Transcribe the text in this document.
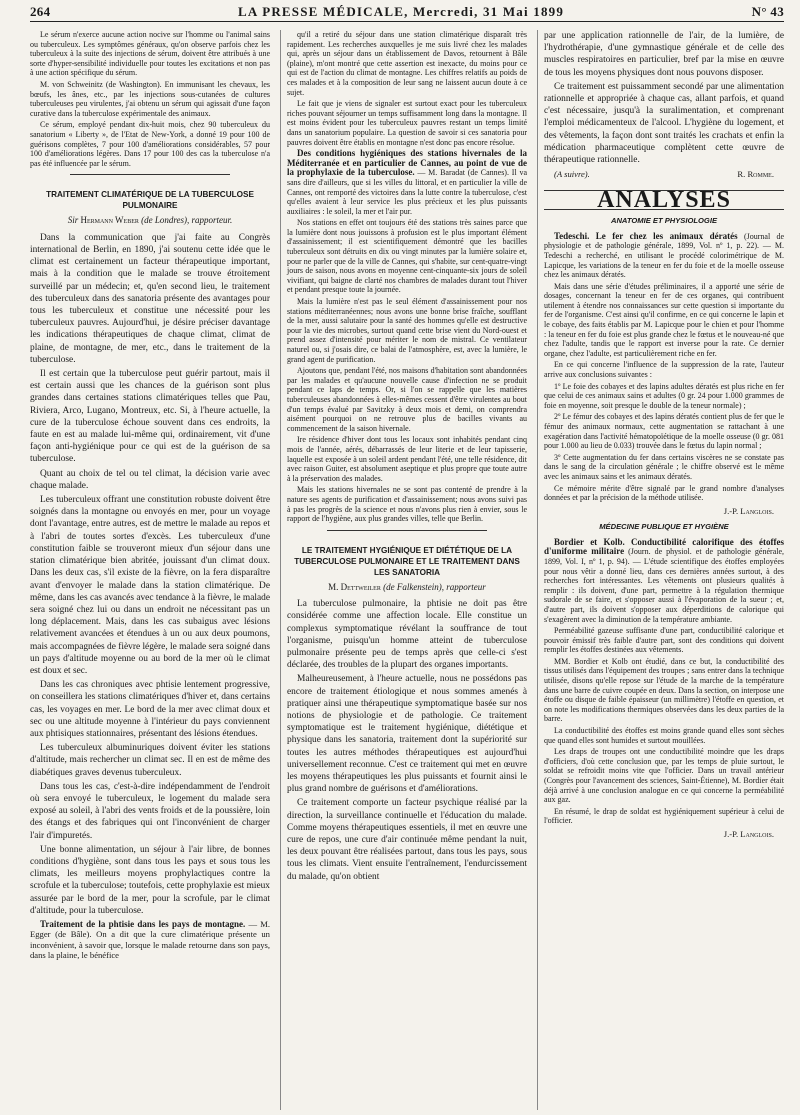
264	LA PRESSE MÉDICALE, Mercredi, 31 Mai 1899	N° 43

Le sérum n'exerce aucune action nocive sur l'homme ou l'animal sains ou tuberculeux. Les symptômes généraux, qu'on observe parfois chez les tuberculeux à la suite des injections de sérum, doivent être attribués à une sorte d'hyper-sensibilité individuelle pour toutes les excitations et non pas à une action spécifique du sérum.

M. von Schweinitz (de Washington). En immunisant les chevaux, les bœufs, les ânes, etc., par les injections sous-cutanées de cultures tuberculeuses peu virulentes, j'ai obtenu un sérum qui agissait d'une façon curative dans la tuberculose expérimentale des animaux.

Ce sérum, employé pendant dix-huit mois, chez 90 tuberculeux du sanatorium « Liberty », de l'Etat de New-York, a donné 19 pour 100 de guérisons complètes, 7 pour 100 d'améliorations considérables, 57 pour 100 d'améliorations légères. Dans 17 pour 100 des cas la tuberculose n'a pas été influencée par le sérum.

TRAITEMENT CLIMATÉRIQUE DE LA TUBERCULOSE PULMONAIRE
Sir Hermann Weber (de Londres), rapporteur.

Dans la communication que j'ai faite au Congrès international de Berlin, en 1890, j'ai soutenu cette idée que le climat est certainement un facteur thérapeutique important, mais à la condition que le malade se trouve étroitement surveillé par un médecin; et, qu'en second lieu, le traitement des tuberculeux dans des sanatoria présente des avantages pour tous les tuberculeux et constitue une nécessité pour les tuberculeux pauvres. Aujourd'hui, je désire préciser davantage les indications thérapeutiques de chaque climat, climat de plaine, de montagne, de mer, etc., dans le traitement de la tuberculose.

Il est certain que la tuberculose peut guérir partout, mais il est certain aussi que les chances de la guérison sont plus grandes dans certaines stations climatériques telles que Pau, Riviera, Arco, Lugano, Montreux, etc. Si, à l'heure actuelle, la cure de la tuberculose échoue souvent dans ces endroits, la faute en est au malade lui-même qui, ordinairement, vit d'une façon anti-hygiénique pour ce qui est de la guérison de sa tuberculose.

Quant au choix de tel ou tel climat, la décision varie avec chaque malade.

Les tuberculeux offrant une constitution robuste doivent être soignés dans la montagne ou envoyés en mer, pour un voyage dont l'avantage, entre autres, est de mettre le malade au repos et à l'abri de toutes sortes d'excès. Les tuberculeux d'une constitution faible se trouveront mieux d'un séjour dans une station climatérique bien abritée, jouissant d'un climat doux. Dans les deux cas, s'il existe de la fièvre, on la fera disparaître avant d'envoyer le malade dans la station climatérique. De même, dans les cas avancés avec tendance à la fièvre, le malade sera soigné chez lui ou dans un endroit ne nécessitant pas un long déplacement. Mais, dans les cas subaigus avec lésions relativement avancées et étendues à un ou aux deux poumons, mais accompagnées de fièvre légère, le malade sera soigné dans un pays d'altitude moyenne ou au bord de la mer où le climat est doux et sec.

Dans les cas chroniques avec phtisie lentement progressive, on conseillera les stations climatériques d'hiver et, dans certains cas, les voyages en mer. Le bord de la mer avec climat doux et sec ou une altitude moyenne à l'intérieur du pays conviennent aux phtisiques stationnaires, présentant des lésions étendues.

Les tuberculeux albuminuriques doivent éviter les stations d'altitude, mais rechercher un climat sec. Il en est de même des diabétiques graves devenus tuberculeux.

Dans tous les cas, c'est-à-dire indépendamment de l'endroit où sera envoyé le tuberculeux, le logement du malade sera exposé au soleil, à l'abri des vents froids et de la poussière, loin des étangs et des fabriques qui ont l'inconvénient de charger l'air d'impuretés.

Une bonne alimentation, un séjour à l'air libre, de bonnes conditions d'hygiène, sont dans tous les pays et sous tous les climats, les meilleurs moyens prophylactiques contre la scrofule et la tuberculose; toutefois, cette prophylaxie est mieux assurée par le bord de la mer, pour la scrofule, par le climat d'altitude, pour la tuberculose.

Traitement de la phtisie dans les pays de montagne. — M. Egger (de Bâle). On a dit que la cure climatérique présente un inconvénient, à savoir que, lorsque le malade retourne dans son pays, dans la plaine, le bénéfice

qu'il a retiré du séjour dans une station climatérique disparaît très rapidement. Les recherches auxquelles je me suis livré chez les malades qui, après un séjour dans un établissement de Davos, retournent à Bâle (plaine), m'ont montré que cette assertion est inexacte, du moins pour ce qui est de l'action du climat de montagne. Les chiffres relatifs au poids de ces malades et à la composition de leur sang ne laissent aucun doute à ce sujet.

Le fait que je viens de signaler est surtout exact pour les tuberculeux riches pouvant séjourner un temps suffisamment long dans la montagne. Il est moins évident pour les tuberculeux pauvres restant un temps limité dans un sanatorium populaire. La question de savoir si ces sanatoria pour pauvres doivent être établis en montagne n'est donc pas encore résolue.

Des conditions hygiéniques des stations hivernales de la Méditerranée et en particulier de Cannes, au point de vue de la prophylaxie de la tuberculose. — M. Baradat (de Cannes). Il va sans dire d'ailleurs, que si les villes du littoral, et en particulier la ville de Cannes, ont remporté des victoires dans la lutte contre la tuberculose, c'est qu'elles avaient à leur service les plus précieux et les plus puissants auxiliaires : le soleil, la mer et l'air pur.

Nos stations en effet ont toujours été des stations très saines parce que la lumière dont nous jouissons à profusion est le plus important élément d'assainissement; il est scientifiquement démontré que les bacilles tuberculeux sont détruits en dix ou vingt minutes par la lumière solaire et, pour ne parler que de la ville de Cannes, qui s'habite, sur cent-quatre-vingt jours de saison, nous avons en moyenne cent-cinquante-six jours de soleil vivifiant, qui baigne de clarté nos chambres de malades durant tout l'hiver et pendant presque toute la journée.

Mais la lumière n'est pas le seul élément d'assainissement pour nos stations méditerranéennes; nous avons une bonne brise fraîche, soufflant de la mer, aussi salutaire pour la santé des hommes qu'elle est destructive pour la vie des microbes, surtout quand cette brise vient du Nord-ouest et prend assez d'intensité pour mériter le nom de mistral. Ce ventilateur naturel ou, si j'osais dire, ce balai de l'atmosphère, est, avec la lumière, le grand agent de purification.

Ajoutons que, pendant l'été, nos maisons d'habitation sont abandonnées par les malades et qu'aucune nouvelle cause d'infection ne se produit pendant ce laps de temps. Or, si l'on se rappelle que les matières tuberculeuses abandonnées à elles-mêmes cessent d'être virulentes au bout d'un temps évalué par Savitzky à deux mois et demi, on comprendra aisément pourquoi on ne retrouve plus de bacilles vivants au commencement de la saison hivernale.

Ire résidence d'hiver dont tous les locaux sont inhabités pendant cinq mois de l'année, aérés, débarrassés de leur literie et de leur tapisserie, laquelle est exposée à un soleil ardent pendant l'été, une telle résidence, dit avec raison Guiter, est absolument aseptique et plus propre que toute autre à la préservation des malades.

Mais les stations hivernales ne se sont pas contenté de prendre à la nature ses agents de purification et d'assainissement; nous avons suivi pas à pas les progrès de la science et nous n'avons plus rien à envier, sous le rapport de l'hygiène, aux plus grandes villes, telle que Berlin.

LE TRAITEMENT HYGIÉNIQUE ET DIÉTÉTIQUE DE LA TUBERCULOSE PULMONAIRE ET LE TRAITEMENT DANS LES SANATORIA
M. Dettweiler (de Falkenstein), rapporteur

La tuberculose pulmonaire, la phtisie ne doit pas être considérée comme une affection locale. Elle constitue un complexus symptomatique révélant la souffrance de tout l'organisme, puisqu'un homme atteint de tuberculose pulmonaire présente peu de temps après que celle-ci s'est déclarée, des troubles de la plupart des organes importants.

Malheureusement, à l'heure actuelle, nous ne possédons pas encore de traitement étiologique et nous sommes amenés à pratiquer ainsi une thérapeutique symptomatique basée sur nos notions de physiologie et de pathologie. Ce traitement symptomatique est le traitement hygiénique, diététique et physique dans les sanatoria, traitement dont la supériorité sur toutes les autres méthodes thérapeutiques est aujourd'hui universellement reconnue. C'est ce traitement qui met en œuvre les moyens thérapeutiques les plus puissants et fournit ainsi le plus grand nombre de guérisons et d'améliorations.

Ce traitement comporte un facteur psychique réalisé par la direction, la surveillance continuelle et l'éducation du malade. Comme moyens thérapeutiques essentiels, il met en œuvre une cure de repos, une cure d'air continuée même pendant la nuit, les deux pouvant être réalisées partout, dans tous les pays, sous tous les climats. Vient ensuite l'entraînement, l'endurcissement du malade, qu'on obtient

par une application rationnelle de l'air, de la lumière, de l'hydrothérapie, d'une gymnastique générale et de celle des muscles respiratoires en particulier, bref par la mise en œuvre de tous les moyens physiques dont nous pouvons disposer.

Ce traitement est puissamment secondé par une alimentation rationnelle et appropriée à chaque cas, allant parfois, et quand c'est nécessaire, jusqu'à la suralimentation, et comprenant l'emploi médicamenteux de l'alcool. L'hygiène du logement, et des vêtements, la façon dont sont traités les crachats et enfin la médication pharmaceutique complètent cette œuvre de thérapeutique rationnelle.

(A suivre).	R. Romme.
ANALYSES
ANATOMIE ET PHYSIOLOGIE

Tedeschi. Le fer chez les animaux dératés (Journal de physiologie et de pathologie générale, 1899, Vol. nº 1, p. 22). — M. Tedeschi a recherché, en utilisant le procédé colorimétrique de M. Lapicque, les variations de la teneur en fer du foie et de la moelle osseuse chez les animaux dératés.

Mais dans une série d'études préliminaires, il a apporté une série de dosages, concernant la teneur en fer de ces organes, qui contribuent utilement à étendre nos connaissances sur cette question si importante du fer de l'organisme. C'est ainsi qu'il confirme, en ce qui concerne le lapin et le cobaye, des faits établis par M. Lapicque pour le chien et pour l'homme : la teneur en fer du foie est plus grande chez le fœtus et le nouveau-né que chez l'adulte, tandis que le rapport est inverse pour la rate. Ce dernier organe, chez l'adulte, est particulièrement riche en fer.

En ce qui concerne l'influence de la suppression de la rate, l'auteur arrive aux conclusions suivantes :

1º Le foie des cobayes et des lapins adultes dératés est plus riche en fer que celui de ces animaux sains et adultes (0 gr. 24 pour 1.000 grammes de foie en moyenne, soit presque le double de la teneur normale) ;

2º Le fémur des cobayes et des lapins dératés contient plus de fer que le fémur des animaux normaux, cette augmentation se rattachant à une exagération dans l'activité hématopoïétique de la moelle osseuse (0 gr. 081 pour 1.000 au lieu de 0.033) trouvée dans le fœtus du lapin normal ;

3º Cette augmentation du fer dans certains viscères ne se constate pas dans le sang de la circulation générale ; le chiffre observé est le même avec les animaux sains et les animaux dératés.

Ce mémoire mérite d'être signalé par le grand nombre d'analyses données et par la précision de la méthode utilisée.

J.-P. Langlois.
MÉDECINE PUBLIQUE ET HYGIÈNE

Bordier et Kolb. Conductibilité calorifique des étoffes d'uniforme militaire (Journ. de physiol. et de pathologie générale, 1899, Vol. I, nº 1, p. 94). — L'étude scientifique des étoffes employées pour nous vêtir a donné lieu, dans ces dernières années surtout, à des recherches fort intéressantes. Les vêtements ont plusieurs qualités à remplir : ils doivent, d'une part, permettre à la régulation thermique sudorale de se faire, et s'opposer aussi à l'évaporation de la sueur ; et, d'autre part, ils doivent s'opposer aux déperditions de calorique qui s'exagèrent avec la diminution de la température ambiante.

Perméabilité gazeuse suffisante d'une part, conductibilité calorique et pouvoir émissif très faible d'autre part, sont des conditions qui doivent remplir les étoffes destinées aux vêtements.

MM. Bordier et Kolb ont étudié, dans ce but, la conductibilité des tissus utilisés dans l'équipement des troupes ; sans entrer dans la technique utilisée, disons qu'elle repose sur l'étude de la marche de la température dans une barre de cuivre coupée en deux. Dans la section, on interpose une étoffe ou disque de faible épaisseur (un millimètre) l'étoffe en question, et on note les modifications thermiques observées dans les deux parties de la barre.

La conductibilité des étoffes est moins grande quand elles sont sèches que quand elles sont humides et surtout mouillées.

Les draps de troupes ont une conductibilité moindre que les draps d'officiers, d'où cette conclusion que, par les temps de pluie surtout, le soldat se refroidit moins vite que l'officier. Dans un travail antérieur (Congrès pour l'avancement des sciences, Saint-Étienne), M. Bordier était déjà arrivé à une conclusion analogue en ce qui concerne la perméabilité aux gaz.

En résumé, le drap de soldat est hygiéniquement supérieur à celui de l'officier.

J.-P. Langlois.
